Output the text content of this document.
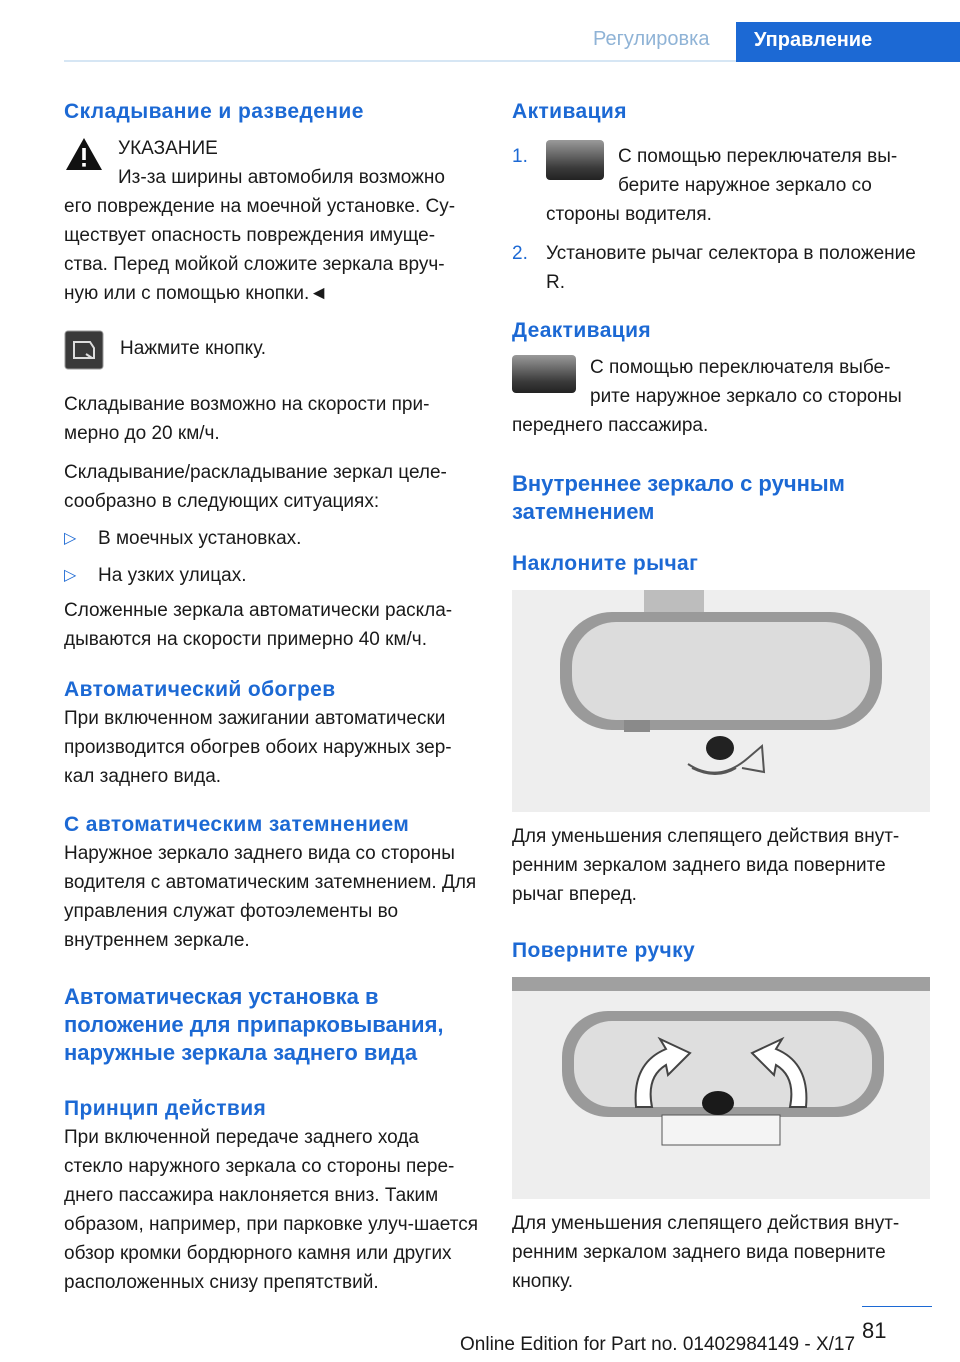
Регулировка	Управление
Складывание и разведение

УКАЗАНИЕ

Из-за ширины автомобиля возможно

его повреждение на моечной установке. Су-ществует опасность повреждения имуще-ства. Перед мойкой сложите зеркала вруч-ную или с помощью кнопки.◄

Нажмите кнопку.

Складывание возможно на скорости при-мерно до 20 км/ч.

Складывание/раскладывание зеркал целе-сообразно в следующих ситуациях:

▷	В моечных установках.
▷	На узких улицах.

Сложенные зеркала автоматически раскла-дываются на скорости примерно 40 км/ч.

Автоматический обогрев

При включенном зажигании автоматически производится обогрев обоих наружных зер-кал заднего вида.

С автоматическим затемнением

Наружное зеркало заднего вида со стороны водителя с автоматическим затемнением. Для управления служат фотоэлементы во внутреннем зеркале.

Автоматическая установка в положение для припарковывания, наружные зеркала заднего вида
Принцип действия

При включенной передаче заднего хода стекло наружного зеркала со стороны пере-днего пассажира наклоняется вниз. Таким образом, например, при парковке улуч-шается обзор кромки бордюрного камня или других расположенных снизу препятствий.

Активация
1.	С помощью переключателя вы-берите наружное зеркало со стороны водителя.
2. Установите рычаг селектора в положение R.
Деактивация

С помощью переключателя выбе-рите наружное зеркало со стороны переднего пассажира.

Внутреннее зеркало с ручным затемнением
Наклоните рычаг

Для уменьшения слепящего действия внут-ренним зеркалом заднего вида поверните рычаг вперед.

Поверните ручку

Для уменьшения слепящего действия внут-ренним зеркалом заднего вида поверните кнопку.

81
Online Edition for Part no. 01402984149 - X/17
